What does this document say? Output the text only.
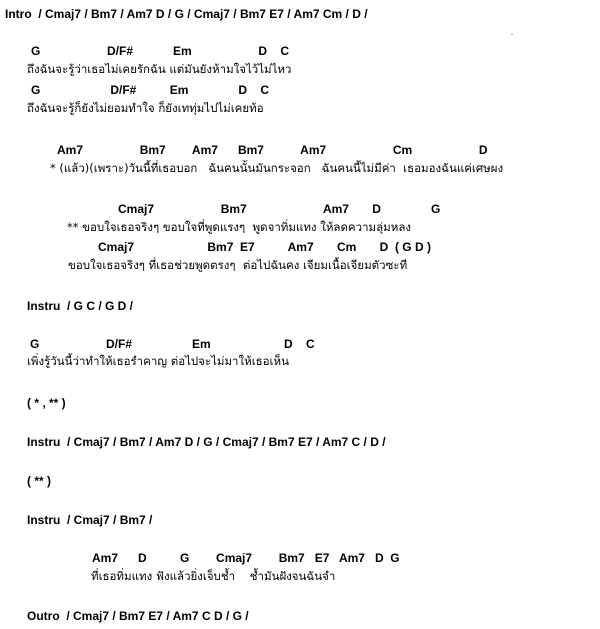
Intro  / Cmaj7 / Bm7 / Am7 D / G / Cmaj7 / Bm7 E7 / Am7 Cm / D /
G                    D/F#            Em                    D    C
ถึงฉันจะรู้ว่าเธอไม่เคยรักฉัน แต่มันยังห้ามใจไว้ไม่ไหว
G                     D/F#          Em               D    C
ถึงฉันจะรู้ก็ยังไม่ยอมทำใจ ก็ยังเททุ่มไปไม่เคยท้อ
Am7                 Bm7        Am7      Bm7           Am7                    Cm                    D
* (แล้ว)(เพราะ)วันนี้ที่เธอบอก   ฉันคนนั้นมันกระจอก   ฉันคนนี้ไม่มีค่า  เธอมองฉันแค่เศษผง
Cmaj7                    Bm7                       Am7       D               G
** ขอบใจเธอจริงๆ ขอบใจที่พูดแรงๆ  พูดจาทิ่มแทง ให้ลดความลุ่มหลง
Cmaj7                      Bm7  E7          Am7       Cm       D  ( G D )
ขอบใจเธอจริงๆ ที่เธอช่วยพูดตรงๆ  ต่อไปฉันคง เจียมเนื้อเจียมตัวซะที
Instru  / G C / G D /
G                    D/F#                  Em                      D    C
เพิ่งรู้วันนี้ว่าทำให้เธอรำคาญ ต่อไปจะไม่มาให้เธอเห็น
( * , ** )
Instru  / Cmaj7 / Bm7 / Am7 D / G / Cmaj7 / Bm7 E7 / Am7 C / D /
( ** )
Instru  / Cmaj7 / Bm7 /
Am7      D          G        Cmaj7        Bm7   E7   Am7   D  G
ที่เธอทิ่มแทง ฟังแล้วยิ่งเจ็บช้ำ    ช้ำมันฝังจนฉันจำ
Outro  / Cmaj7 / Bm7 E7 / Am7 C D / G /
